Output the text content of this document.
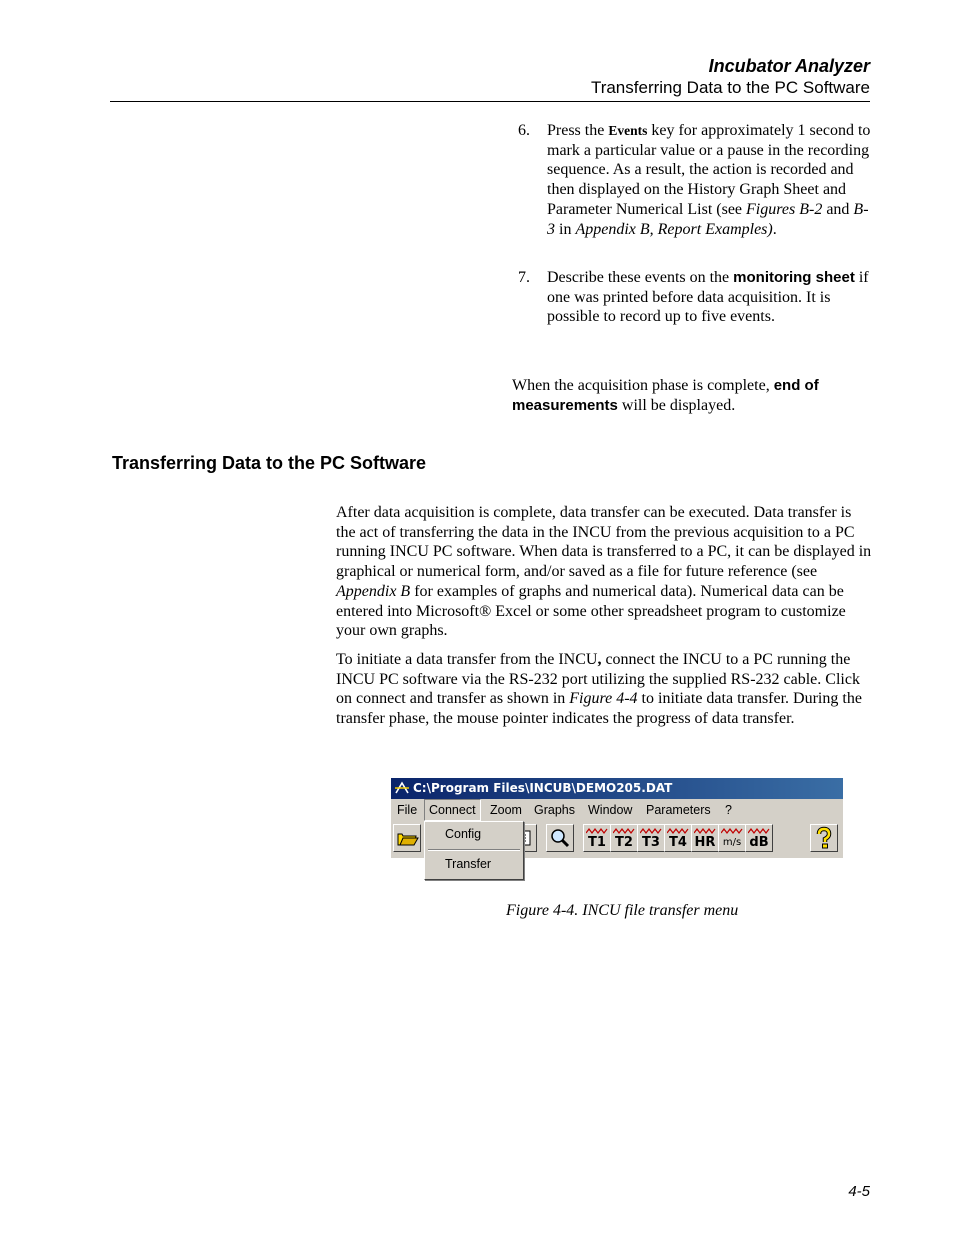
Incubator Analyzer
Transferring Data to the PC Software
6. Press the Events key for approximately 1 second to mark a particular value or a pause in the recording sequence. As a result, the action is recorded and then displayed on the History Graph Sheet and Parameter Numerical List (see Figures B-2 and B-3 in Appendix B, Report Examples).
7. Describe these events on the monitoring sheet if one was printed before data acquisition. It is possible to record up to five events.
When the acquisition phase is complete, end of measurements will be displayed.
Transferring Data to the PC Software
After data acquisition is complete, data transfer can be executed. Data transfer is the act of transferring the data in the INCU from the previous acquisition to a PC running INCU PC software. When data is transferred to a PC, it can be displayed in graphical or numerical form, and/or saved as a file for future reference (see Appendix B for examples of graphs and numerical data). Numerical data can be entered into Microsoft® Excel or some other spreadsheet program to customize your own graphs.
To initiate a data transfer from the INCU, connect the INCU to a PC running the INCU PC software via the RS-232 port utilizing the supplied RS-232 cable. Click on connect and transfer as shown in Figure 4-4 to initiate data transfer. During the transfer phase, the mouse pointer indicates the progress of data transfer.
C:\Program Files\INCUB\DEMO205.DAT
File Connect	Zoom Graphs Window Parameters ?
T1 T2 T3 T4 HR m/s dB
Config
Transfer
Figure 4-4. INCU file transfer menu
4-5
